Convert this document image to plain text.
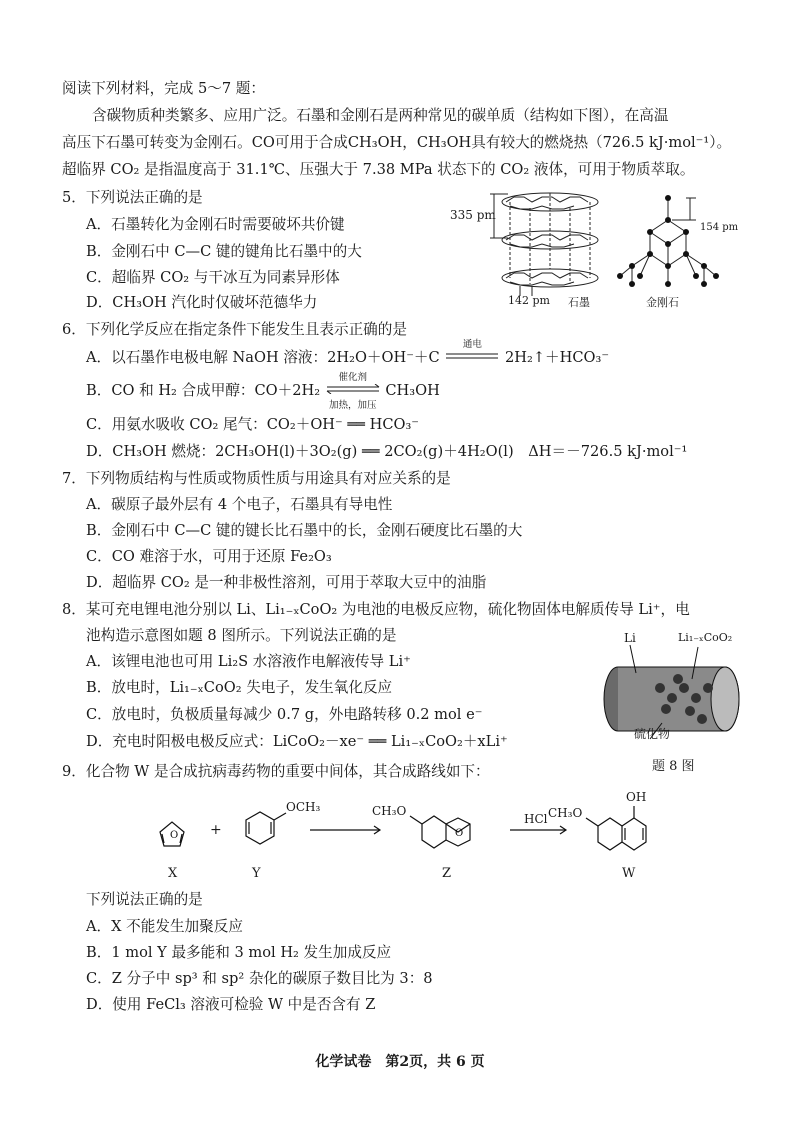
阅读下列材料，完成 5～7 题：
含碳物质种类繁多、应用广泛。石墨和金刚石是两种常见的碳单质（结构如下图），在高温
高压下石墨可转变为金刚石。CO可用于合成CH₃OH，CH₃OH具有较大的燃烧热（726.5 kJ·mol⁻¹）。
超临界 CO₂ 是指温度高于 31.1℃、压强大于 7.38 MPa 状态下的 CO₂ 液体，可用于物质萃取。
5．下列说法正确的是
A．石墨转化为金刚石时需要破坏共价键
B．金刚石中 C—C 键的键角比石墨中的大
C．超临界 CO₂ 与干冰互为同素异形体
D．CH₃OH 汽化时仅破坏范德华力
335 pm
142 pm 石墨
154 pm
金刚石
6．下列化学反应在指定条件下能发生且表示正确的是
A．以石墨作电极电解 NaOH 溶液：2H₂O＋OH⁻＋C
通电
2H₂↑＋HCO₃⁻
B．CO 和 H₂ 合成甲醇：CO＋2H₂
催化剂
加热，加压
CH₃OH
C．用氨水吸收 CO₂ 尾气：CO₂＋OH⁻ ══ HCO₃⁻
D．CH₃OH 燃烧：2CH₃OH(l)＋3O₂(g) ══ 2CO₂(g)＋4H₂O(l)　ΔH＝－726.5 kJ·mol⁻¹
7．下列物质结构与性质或物质性质与用途具有对应关系的是
A．碳原子最外层有 4 个电子，石墨具有导电性
B．金刚石中 C—C 键的键长比石墨中的长，金刚石硬度比石墨的大
C．CO 难溶于水，可用于还原 Fe₂O₃
D．超临界 CO₂ 是一种非极性溶剂，可用于萃取大豆中的油脂
8．某可充电锂电池分别以 Li、Li₁₋ₓCoO₂ 为电池的电极反应物，硫化物固体电解质传导 Li⁺，电
池构造示意图如题 8 图所示。下列说法正确的是
A．该锂电池也可用 Li₂S 水溶液作电解液传导 Li⁺
B．放电时，Li₁₋ₓCoO₂ 失电子，发生氧化反应
C．放电时，负极质量每减少 0.7 g，外电路转移 0.2 mol e⁻
D．充电时阳极电极反应式：LiCoO₂－xe⁻ ══ Li₁₋ₓCoO₂＋xLi⁺
Li	Li₁₋ₓCoO₂
硫化物
题 8 图
9．化合物 W 是合成抗病毒药物的重要中间体，其合成路线如下：
O	O
+
OCH₃	CH₃O
HCl CH₃O
OH
X	Y	Z	W
下列说法正确的是
A．X 不能发生加聚反应
B．1 mol Y 最多能和 3 mol H₂ 发生加成反应
C．Z 分子中 sp³ 和 sp² 杂化的碳原子数目比为 3：8
D．使用 FeCl₃ 溶液可检验 W 中是否含有 Z
化学试卷　第2页，共 6 页
